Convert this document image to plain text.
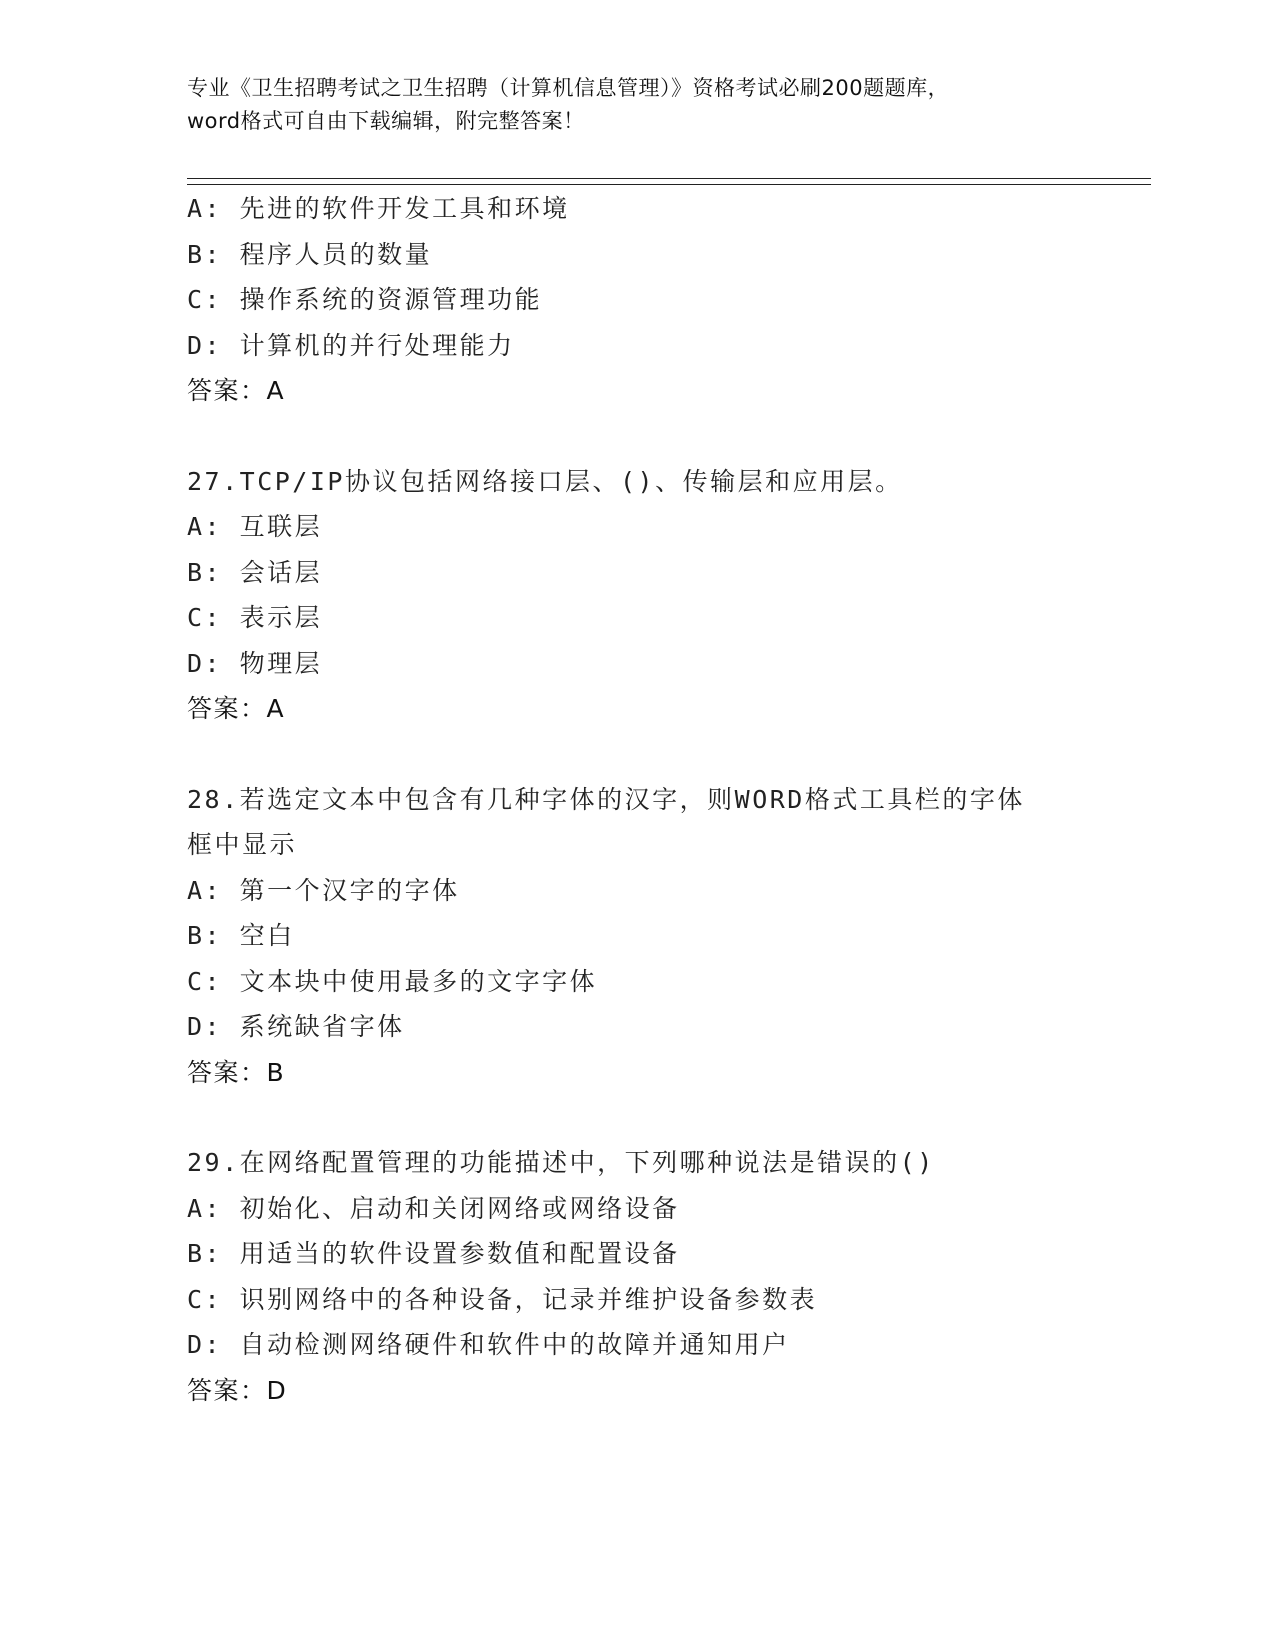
专业《卫生招聘考试之卫生招聘（计算机信息管理）》资格考试必刷200题题库，
word格式可自由下载编辑，附完整答案！
A: 先进的软件开发工具和环境
B: 程序人员的数量
C: 操作系统的资源管理功能
D: 计算机的并行处理能力
答案：A
27.TCP/IP协议包括网络接口层、()、传输层和应用层。
A: 互联层
B: 会话层
C: 表示层
D: 物理层
答案：A
28.若选定文本中包含有几种字体的汉字，则WORD格式工具栏的字体
框中显示
A: 第一个汉字的字体
B: 空白
C: 文本块中使用最多的文字字体
D: 系统缺省字体
答案：B
29.在网络配置管理的功能描述中，下列哪种说法是错误的()
A: 初始化、启动和关闭网络或网络设备
B: 用适当的软件设置参数值和配置设备
C: 识别网络中的各种设备，记录并维护设备参数表
D: 自动检测网络硬件和软件中的故障并通知用户
答案：D
